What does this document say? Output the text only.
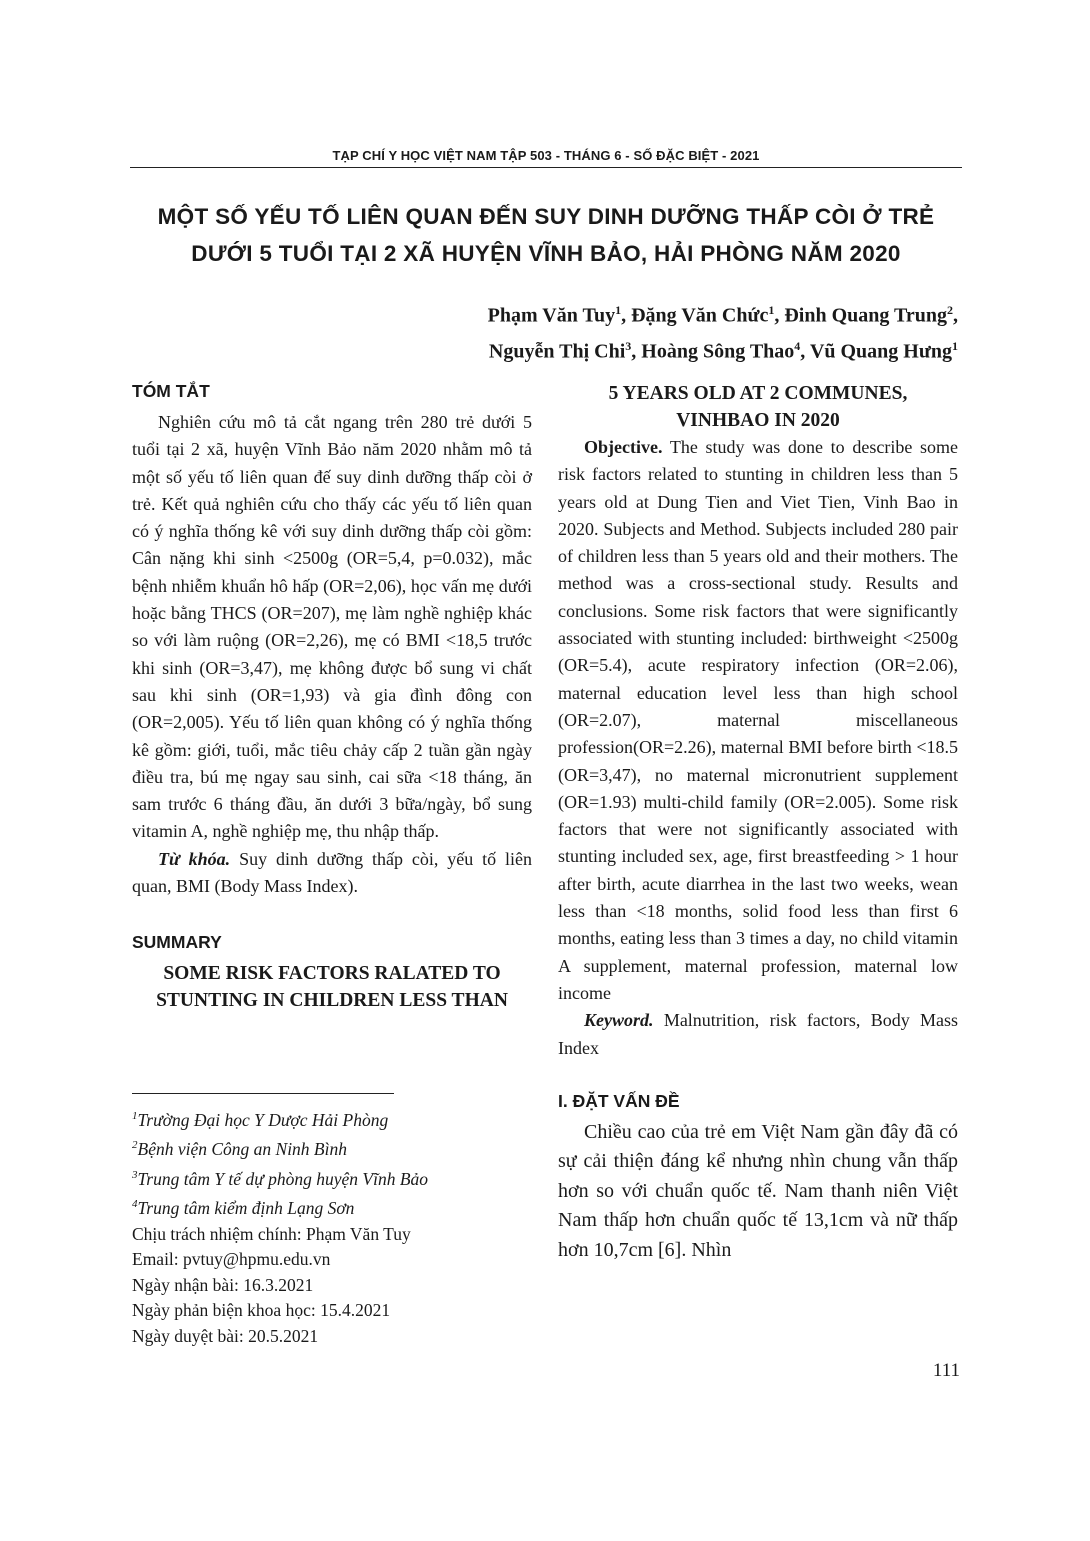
TẠP CHÍ Y HỌC VIỆT NAM TẬP 503 - THÁNG 6 - SỐ ĐẶC BIỆT - 2021
MỘT SỐ YẾU TỐ LIÊN QUAN ĐẾN SUY DINH DƯỠNG THẤP CÒI Ở TRẺ
DƯỚI 5 TUỔI TẠI 2 XÃ HUYỆN VĨNH BẢO, HẢI PHÒNG NĂM 2020
Phạm Văn Tuy$^1$, Đặng Văn Chức$^1$, Đinh Quang Trung$^2$,
Nguyễn Thị Chi$^3$, Hoàng Sông Thao$^4$, Vũ Quang Hưng$^1$
TÓM TẮT

Nghiên cứu mô tả cắt ngang trên 280 trẻ dưới 5 tuổi tại 2 xã, huyện Vĩnh Bảo năm 2020 nhằm mô tả một số yếu tố liên quan đế suy dinh dưỡng thấp còi ở trẻ. Kết quả nghiên cứu cho thấy các yếu tố liên quan có ý nghĩa thống kê với suy dinh dưỡng thấp còi gồm: Cân nặng khi sinh <2500g (OR=5,4, p=0.032), mắc bệnh nhiễm khuẩn hô hấp (OR=2,06), học vấn mẹ dưới hoặc bằng THCS (OR=207), mẹ làm nghề nghiệp khác so với làm ruộng (OR=2,26), mẹ có BMI <18,5 trước khi sinh (OR=3,47), mẹ không được bổ sung vi chất sau khi sinh (OR=1,93) và gia đình đông con (OR=2,005). Yếu tố liên quan không có ý nghĩa thống kê gồm: giới, tuổi, mắc tiêu chảy cấp 2 tuần gần ngày điều tra, bú mẹ ngay sau sinh, cai sữa <18 tháng, ăn sam trước 6 tháng đầu, ăn dưới 3 bữa/ngày, bổ sung vitamin A, nghề nghiệp mẹ, thu nhập thấp.

Từ khóa. Suy dinh dưỡng thấp còi, yếu tố liên quan, BMI (Body Mass Index).

SUMMARY
SOME RISK FACTORS RALATED TO
STUNTING IN CHILDREN LESS THAN
$^1$Trường Đại học Y Dược Hải Phòng
$^2$Bệnh viện Công an Ninh Bình
$^3$Trung tâm Y tế dự phòng huyện Vĩnh Bảo
$^4$Trung tâm kiểm định Lạng Sơn
Chịu trách nhiệm chính: Phạm Văn Tuy
Email: pvtuy@hpmu.edu.vn
Ngày nhận bài: 16.3.2021
Ngày phản biện khoa học: 15.4.2021
Ngày duyệt bài: 20.5.2021
5 YEARS OLD AT 2 COMMUNES,
VINHBAO IN 2020

Objective. The study was done to describe some risk factors related to stunting in children less than 5 years old at Dung Tien and Viet Tien, Vinh Bao in 2020. Subjects and Method. Subjects included 280 pair of children less than 5 years old and their mothers. The method was a cross-sectional study. Results and conclusions. Some risk factors that were significantly associated with stunting included: birthweight <2500g (OR=5.4), acute respiratory infection (OR=2.06), maternal education level less than high school (OR=2.07), maternal miscellaneous profession(OR=2.26), maternal BMI before birth <18.5 (OR=3,47), no maternal micronutrient supplement (OR=1.93) multi-child family (OR=2.005). Some risk factors that were not significantly associated with stunting included sex, age, first breastfeeding > 1 hour after birth, acute diarrhea in the last two weeks, wean less than <18 months, solid food less than first 6 months, eating less than 3 times a day, no child vitamin A supplement, maternal profession, maternal low income

Keyword. Malnutrition, risk factors, Body Mass Index

I. ĐẶT VẤN ĐỀ

Chiều cao của trẻ em Việt Nam gần đây đã có sự cải thiện đáng kể nhưng nhìn chung vẫn thấp hơn so với chuẩn quốc tế. Nam thanh niên Việt Nam thấp hơn chuẩn quốc tế 13,1cm và nữ thấp hơn 10,7cm [6]. Nhìn

111
